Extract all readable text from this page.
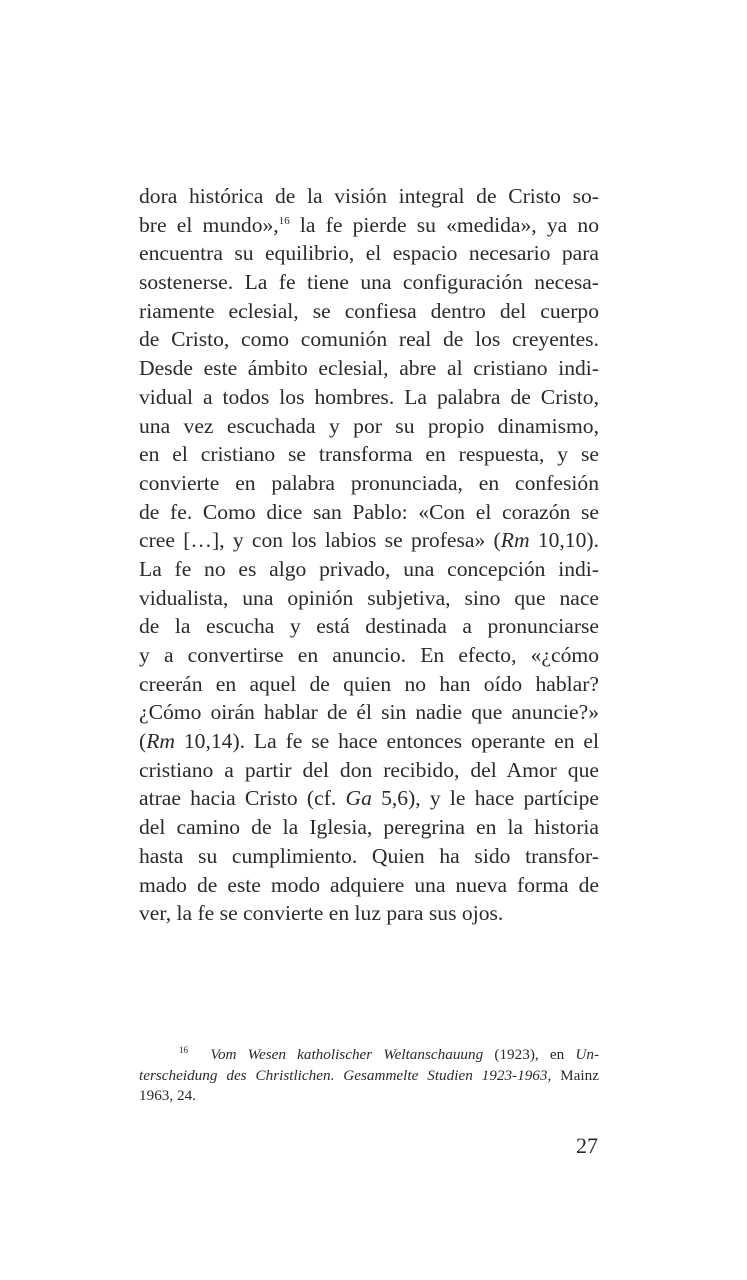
dora histórica de la visión integral de Cristo so-
bre el mundo»,$^{16}$ la fe pierde su «medida», ya no
encuentra su equilibrio, el espacio necesario para
sostenerse. La fe tiene una configuración necesa-
riamente eclesial, se confiesa dentro del cuerpo
de Cristo, como comunión real de los creyentes.
Desde este ámbito eclesial, abre al cristiano indi-
vidual a todos los hombres. La palabra de Cristo,
una vez escuchada y por su propio dinamismo,
en el cristiano se transforma en respuesta, y se
convierte en palabra pronunciada, en confesión
de fe. Como dice san Pablo: «Con el corazón se
cree […], y con los labios se profesa» (Rm 10,10).
La fe no es algo privado, una concepción indi-
vidualista, una opinión subjetiva, sino que nace
de la escucha y está destinada a pronunciarse
y a convertirse en anuncio. En efecto, «¿cómo
creerán en aquel de quien no han oído hablar?
¿Cómo oirán hablar de él sin nadie que anuncie?»
(Rm 10,14). La fe se hace entonces operante en el
cristiano a partir del don recibido, del Amor que
atrae hacia Cristo (cf. Ga 5,6), y le hace partícipe
del camino de la Iglesia, peregrina en la historia
hasta su cumplimiento. Quien ha sido transfor-
mado de este modo adquiere una nueva forma de
ver, la fe se convierte en luz para sus ojos.
$^{16}$ Vom Wesen katholischer Weltanschauung (1923), en Un-
terscheidung des Christlichen. Gesammelte Studien 1923-1963, Mainz
1963, 24.
27
